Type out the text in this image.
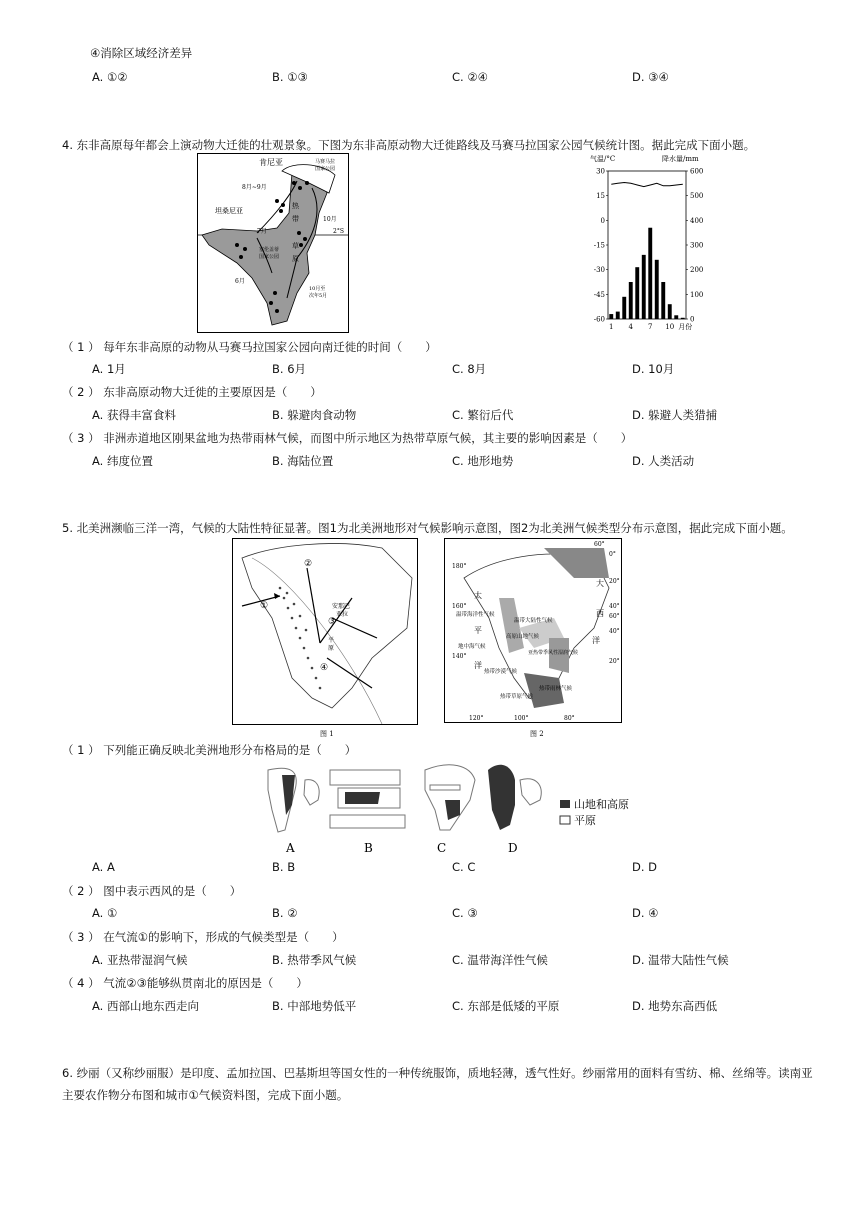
④消除区域经济差异
A. ①②	B. ①③	C. ②④	D. ③④
4. 东非高原每年都会上演动物大迁徙的壮观景象。下图为东非高原动物大迁徙路线及马赛马拉国家公园气候统计图。据此完成下面小题。
肯尼亚	马赛马拉
国家公园
8月~9月
坦桑尼亚
热
带
7月	2°S
10月
草
原
塞伦盖蒂
国家公园
6月
10月至
次年5月
气温/°C	降水量/mm
30
15
0
-15
-30
-45
-60
600
500
400
300
200
100
0
1 4 7 10 月份
（ 1 ） 每年东非高原的动物从马赛马拉国家公园向南迁徙的时间（　　）
A. 1月	B. 6月	C. 8月	D. 10月
（ 2 ） 东非高原动物大迁徙的主要原因是（　　）
A. 获得丰富食料	B. 躲避肉食动物	C. 繁衍后代	D. 躲避人类猎捕
（ 3 ） 非洲赤道地区刚果盆地为热带雨林气候，而图中所示地区为热带草原气候，其主要的影响因素是（　　）
A. 纬度位置	B. 海陆位置	C. 地形地势	D. 人类活动
5. 北美洲濒临三洋一湾，气候的大陆性特征显著。图1为北美洲地形对气候影响示意图，图2为北美洲气候类型分布示意图，据此完成下面小题。
①
②
③
④
安那巴
亚拉
平
原
图 1
180°
160°
140°
120°	100°	80°
60°
0°
20°
40°
60°
40°
20°
太
平
洋
大
西
洋
温带海洋性气候
温带大陆性气候
高原山地气候
地中海气候
亚热带季风性湿润气候
热带沙漠气候
热带雨林气候
热带草原气候
图 2
（ 1 ） 下列能正确反映北美洲地形分布格局的是（　　）
A	B	C	D
山地和高原
平原
A. A	B. B	C. C	D. D
（ 2 ） 图中表示西风的是（　　）
A. ①	B. ②	C. ③	D. ④
（ 3 ） 在气流①的影响下，形成的气候类型是（　　）
A. 亚热带湿润气候	B. 热带季风气候	C. 温带海洋性气候	D. 温带大陆性气候
（ 4 ） 气流②③能够纵贯南北的原因是（　　）
A. 西部山地东西走向	B. 中部地势低平	C. 东部是低矮的平原	D. 地势东高西低
6. 纱丽（又称纱丽服）是印度、孟加拉国、巴基斯坦等国女性的一种传统服饰，质地轻薄，透气性好。纱丽常用的面料有雪纺、棉、丝绵等。读南亚主要农作物分布图和城市①气候资料图，完成下面小题。
